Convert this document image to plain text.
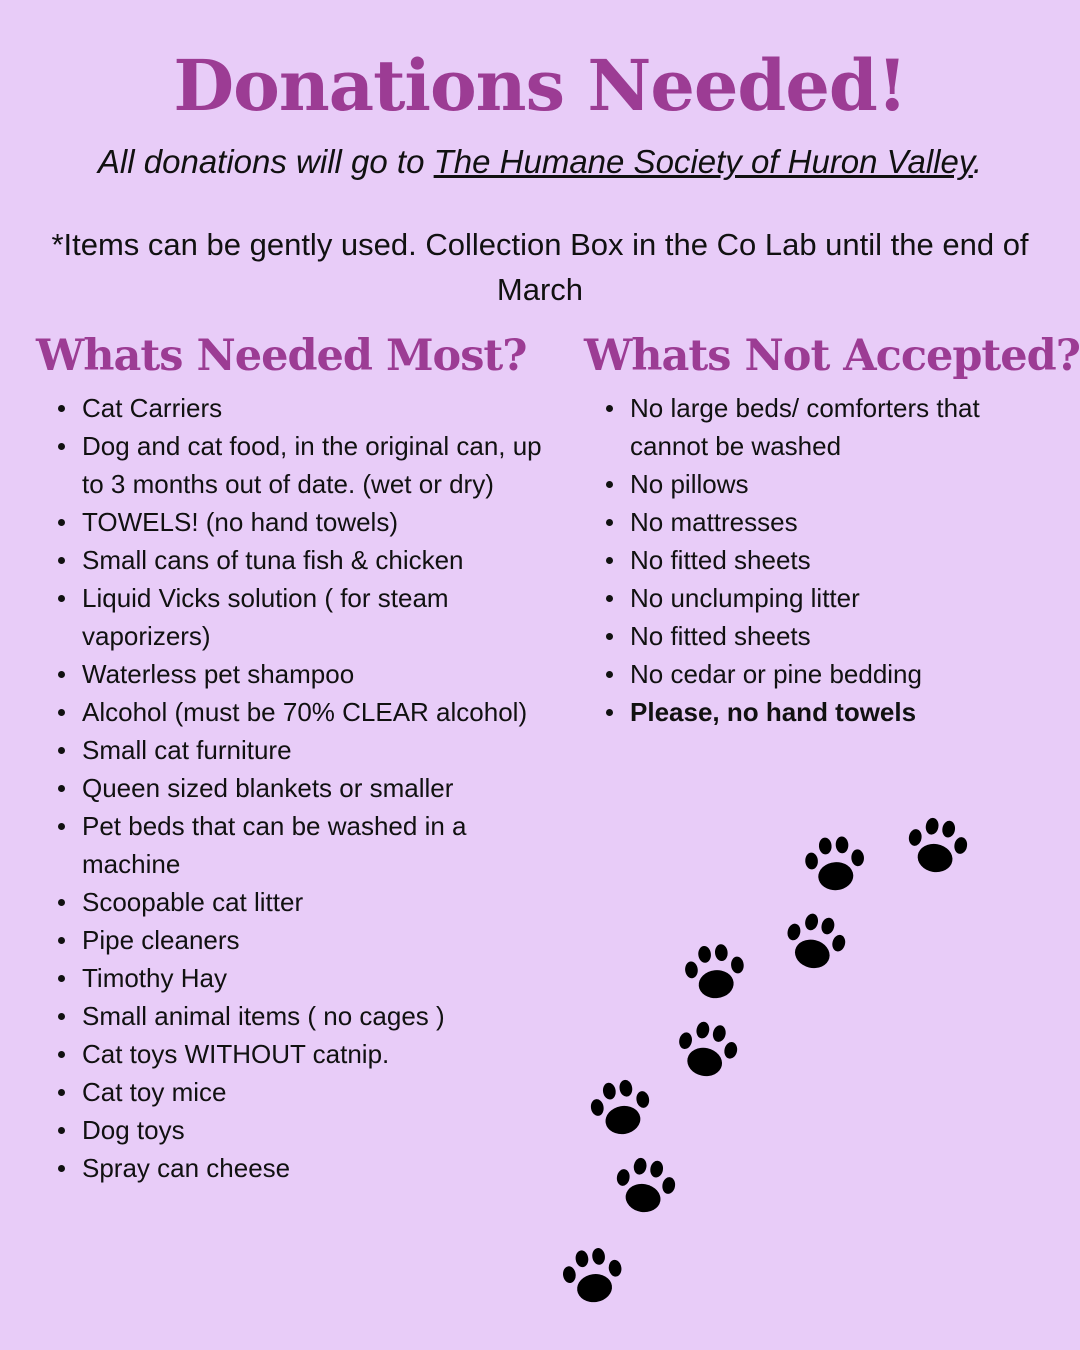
Donations Needed!
All donations will go to The Humane Society of Huron Valley.
*Items can be gently used. Collection Box in the Co Lab until the end of March
Whats Needed Most? Whats Not Accepted?
Cat Carriers
Dog and cat food, in the original can, up to 3 months out of date. (wet or dry)
TOWELS! (no hand towels)
Small cans of tuna fish & chicken
Liquid Vicks solution ( for steam vaporizers)
Waterless pet shampoo
Alcohol (must be 70% CLEAR alcohol)
Small cat furniture
Queen sized blankets or smaller
Pet beds that can be washed in a machine
Scoopable cat litter
Pipe cleaners
Timothy Hay
Small animal items ( no cages )
Cat toys WITHOUT catnip.
Cat toy mice
Dog toys
Spray can cheese
No large beds/ comforters that cannot be washed
No pillows
No mattresses
No fitted sheets
No unclumping litter
No fitted sheets
No cedar or pine bedding
Please, no hand towels
